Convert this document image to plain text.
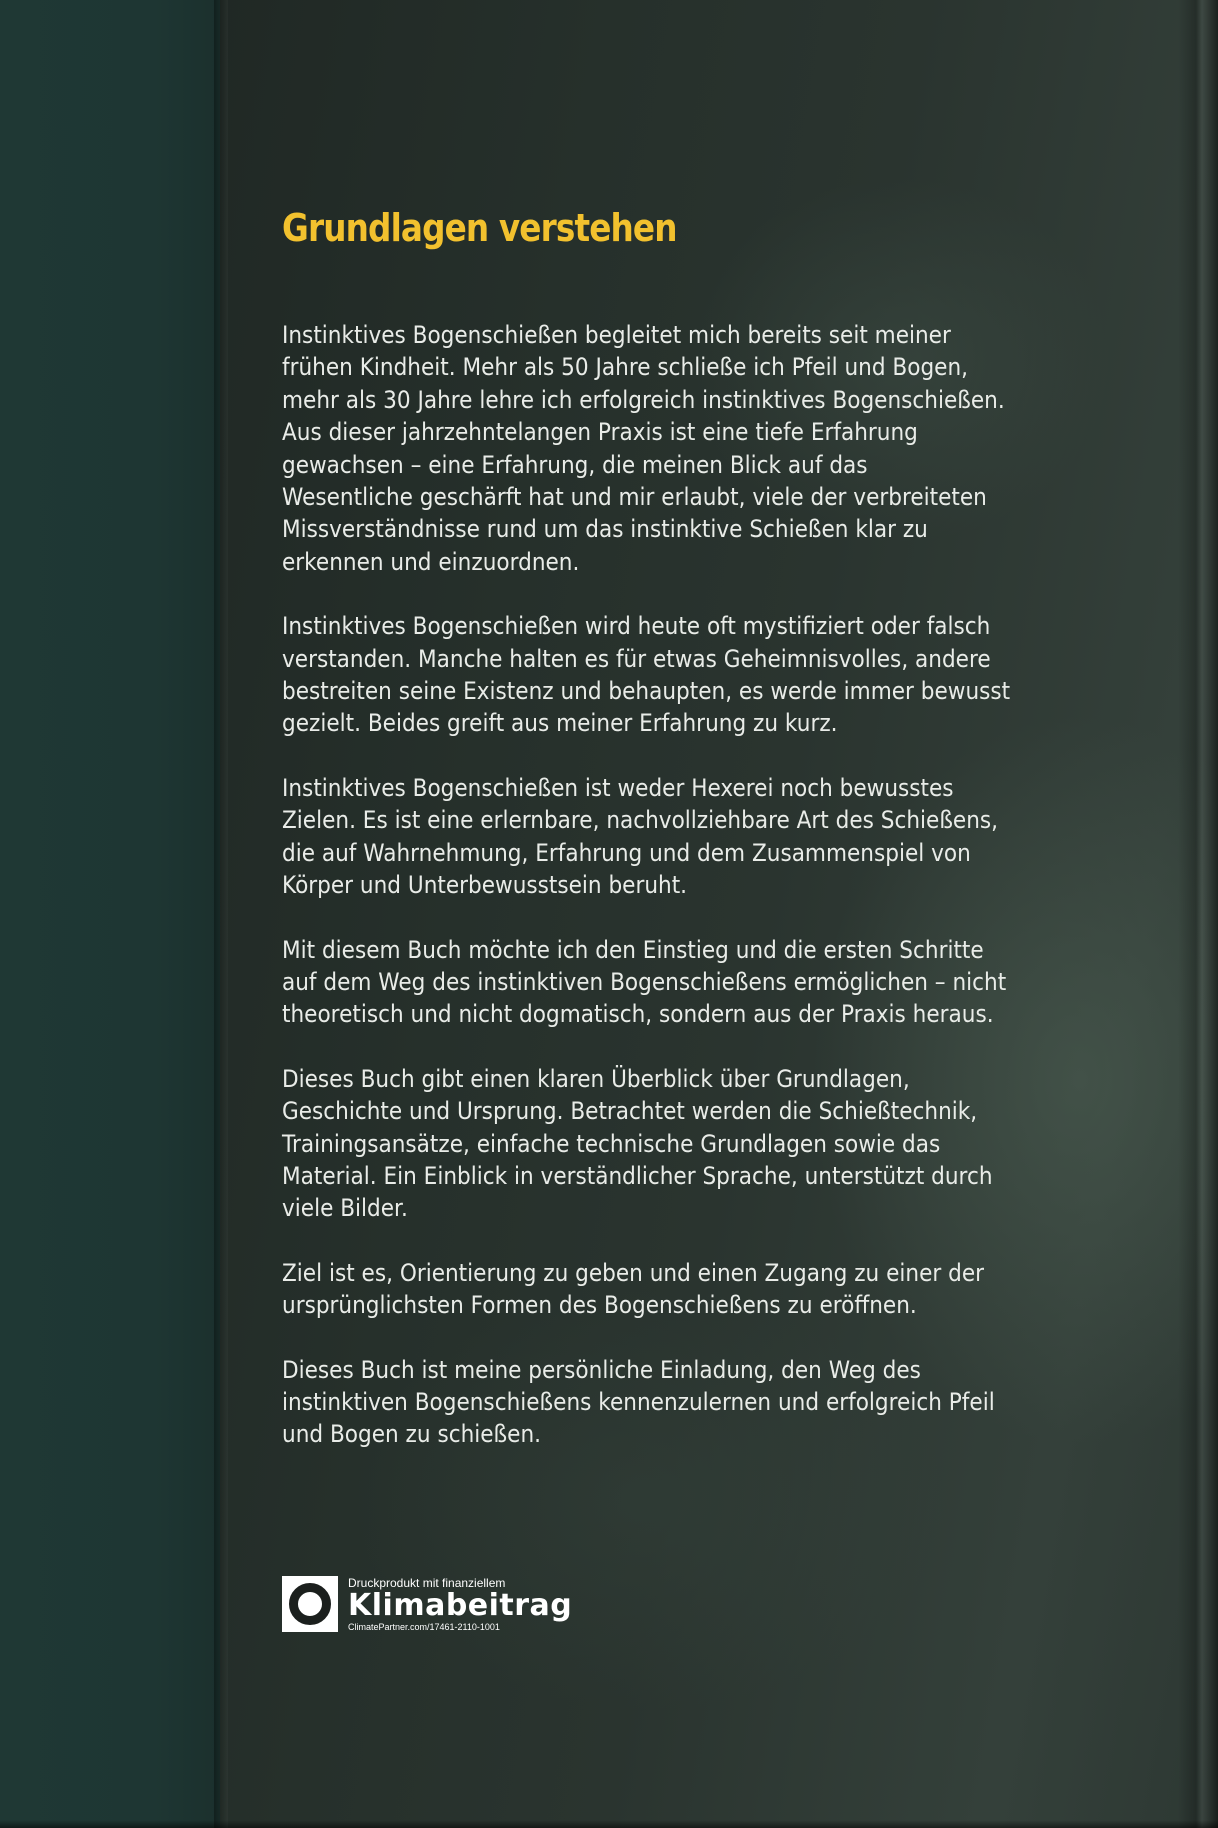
Grundlagen verstehen

Instinktives Bogenschießen begleitet mich bereits seit meiner
frühen Kindheit. Mehr als 50 Jahre schließe ich Pfeil und Bogen,
mehr als 30 Jahre lehre ich erfolgreich instinktives Bogenschießen.
Aus dieser jahrzehntelangen Praxis ist eine tiefe Erfahrung
gewachsen – eine Erfahrung, die meinen Blick auf das
Wesentliche geschärft hat und mir erlaubt, viele der verbreiteten
Missverständnisse rund um das instinktive Schießen klar zu
erkennen und einzuordnen.

Instinktives Bogenschießen wird heute oft mystifiziert oder falsch
verstanden. Manche halten es für etwas Geheimnisvolles, andere
bestreiten seine Existenz und behaupten, es werde immer bewusst
gezielt. Beides greift aus meiner Erfahrung zu kurz.

Instinktives Bogenschießen ist weder Hexerei noch bewusstes
Zielen. Es ist eine erlernbare, nachvollziehbare Art des Schießens,
die auf Wahrnehmung, Erfahrung und dem Zusammenspiel von
Körper und Unterbewusstsein beruht.

Mit diesem Buch möchte ich den Einstieg und die ersten Schritte
auf dem Weg des instinktiven Bogenschießens ermöglichen – nicht
theoretisch und nicht dogmatisch, sondern aus der Praxis heraus.

Dieses Buch gibt einen klaren Überblick über Grundlagen,
Geschichte und Ursprung. Betrachtet werden die Schießtechnik,
Trainingsansätze, einfache technische Grundlagen sowie das
Material. Ein Einblick in verständlicher Sprache, unterstützt durch
viele Bilder.

Ziel ist es, Orientierung zu geben und einen Zugang zu einer der
ursprünglichsten Formen des Bogenschießens zu eröffnen.

Dieses Buch ist meine persönliche Einladung, den Weg des
instinktiven Bogenschießens kennenzulernen und erfolgreich Pfeil
und Bogen zu schießen.

Druckprodukt mit finanziellem
Klimabeitrag
ClimatePartner.com/17461-2110-1001
